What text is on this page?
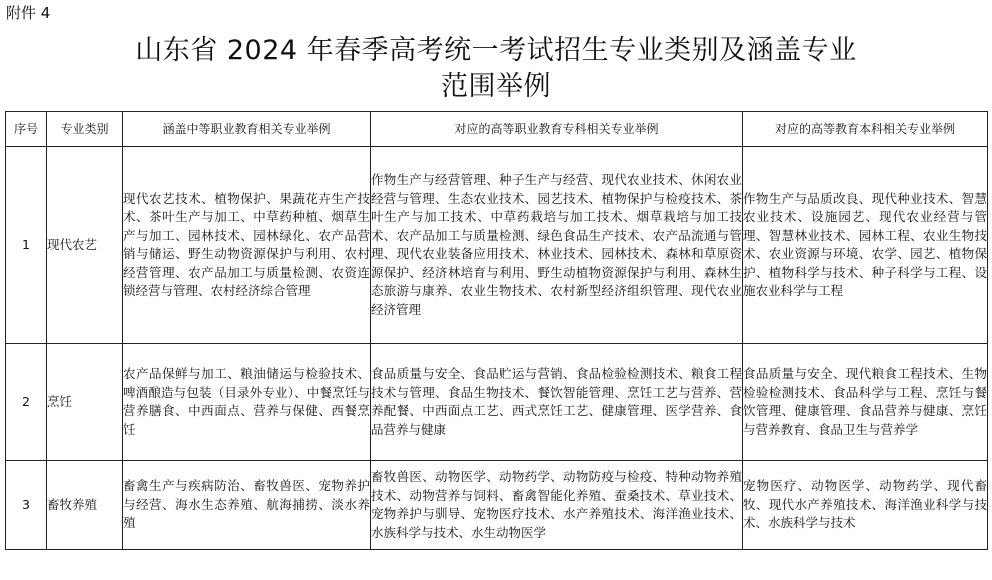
附件 4
山东省 2024 年春季高考统一考试招生专业类别及涵盖专业
范围举例
序号	专业类别	涵盖中等职业教育相关专业举例	对应的高等职业教育专科相关专业举例	对应的高等教育本科相关专业举例
1	现代农艺	现代农艺技术、植物保护、果蔬花卉生产技术、茶叶生产与加工、中草药种植、烟草生产与加工、园林技术、园林绿化、农产品营销与储运、野生动物资源保护与利用、农村经营管理、农产品加工与质量检测、农资连锁经营与管理、农村经济综合管理	作物生产与经营管理、种子生产与经营、现代农业技术、休闲农业经营与管理、生态农业技术、园艺技术、植物保护与检疫技术、茶叶生产与加工技术、中草药栽培与加工技术、烟草栽培与加工技术、农产品加工与质量检测、绿色食品生产技术、农产品流通与管理、现代农业装备应用技术、林业技术、园林技术、森林和草原资源保护、经济林培育与利用、野生动植物资源保护与利用、森林生态旅游与康养、农业生物技术、农村新型经济组织管理、现代农业经济管理	作物生产与品质改良、现代种业技术、智慧农业技术、设施园艺、现代农业经营与管理、智慧林业技术、园林工程、农业生物技术、农业资源与环境、农学、园艺、植物保护、植物科学与技术、种子科学与工程、设施农业科学与工程
2	烹饪	农产品保鲜与加工、粮油储运与检验技术、啤酒酿造与包装（目录外专业）、中餐烹饪与营养膳食、中西面点、营养与保健、西餐烹饪	食品质量与安全、食品贮运与营销、食品检验检测技术、粮食工程技术与管理、食品生物技术、餐饮智能管理、烹饪工艺与营养、营养配餐、中西面点工艺、西式烹饪工艺、健康管理、医学营养、食品营养与健康	食品质量与安全、现代粮食工程技术、生物检验检测技术、食品科学与工程、烹饪与餐饮管理、健康管理、食品营养与健康、烹饪与营养教育、食品卫生与营养学
3	畜牧养殖	畜禽生产与疾病防治、畜牧兽医、宠物养护与经营、海水生态养殖、航海捕捞、淡水养殖	畜牧兽医、动物医学、动物药学、动物防疫与检疫、特种动物养殖技术、动物营养与饲料、畜禽智能化养殖、蚕桑技术、草业技术、宠物养护与驯导、宠物医疗技术、水产养殖技术、海洋渔业技术、水族科学与技术、水生动物医学	宠物医疗、动物医学、动物药学、现代畜牧、现代水产养殖技术、海洋渔业科学与技术、水族科学与技术
